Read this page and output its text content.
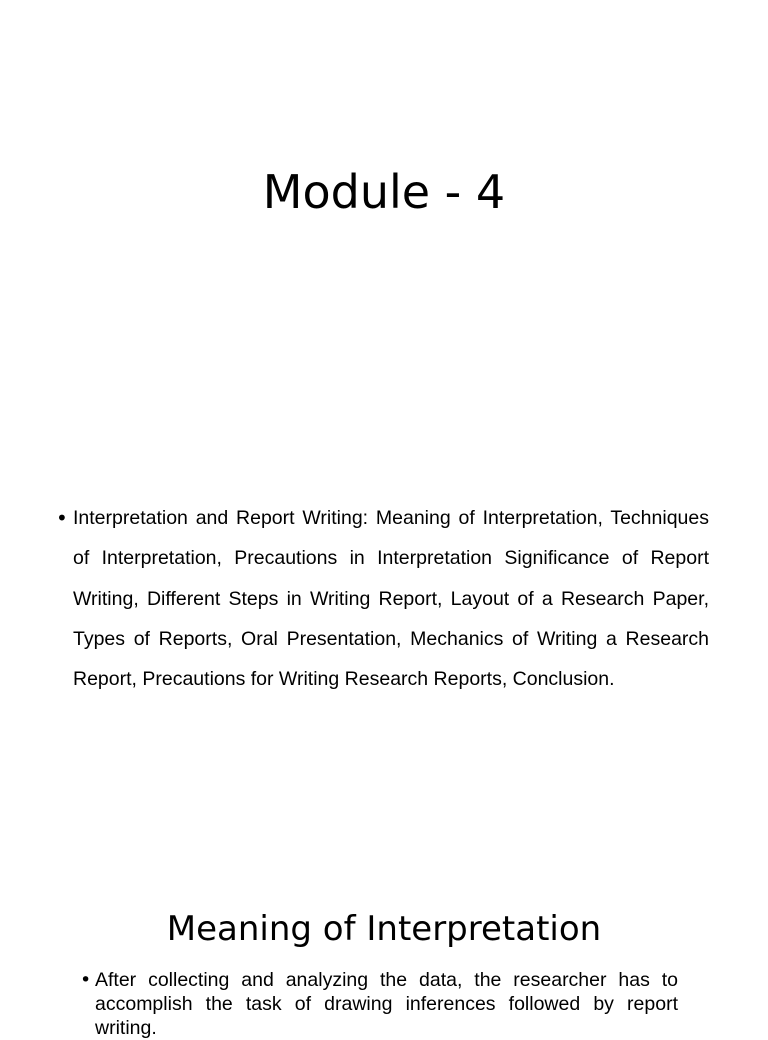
Module - 4
• Interpretation and Report Writing: Meaning of Interpretation, Techniques of Interpretation, Precautions in Interpretation Significance of Report Writing, Different Steps in Writing Report, Layout of a Research Paper, Types of Reports, Oral Presentation, Mechanics of Writing a Research Report, Precautions for Writing Research Reports, Conclusion.
Meaning of Interpretation
• After collecting and analyzing the data, the researcher has to accomplish the task of drawing inferences followed by report writing.
